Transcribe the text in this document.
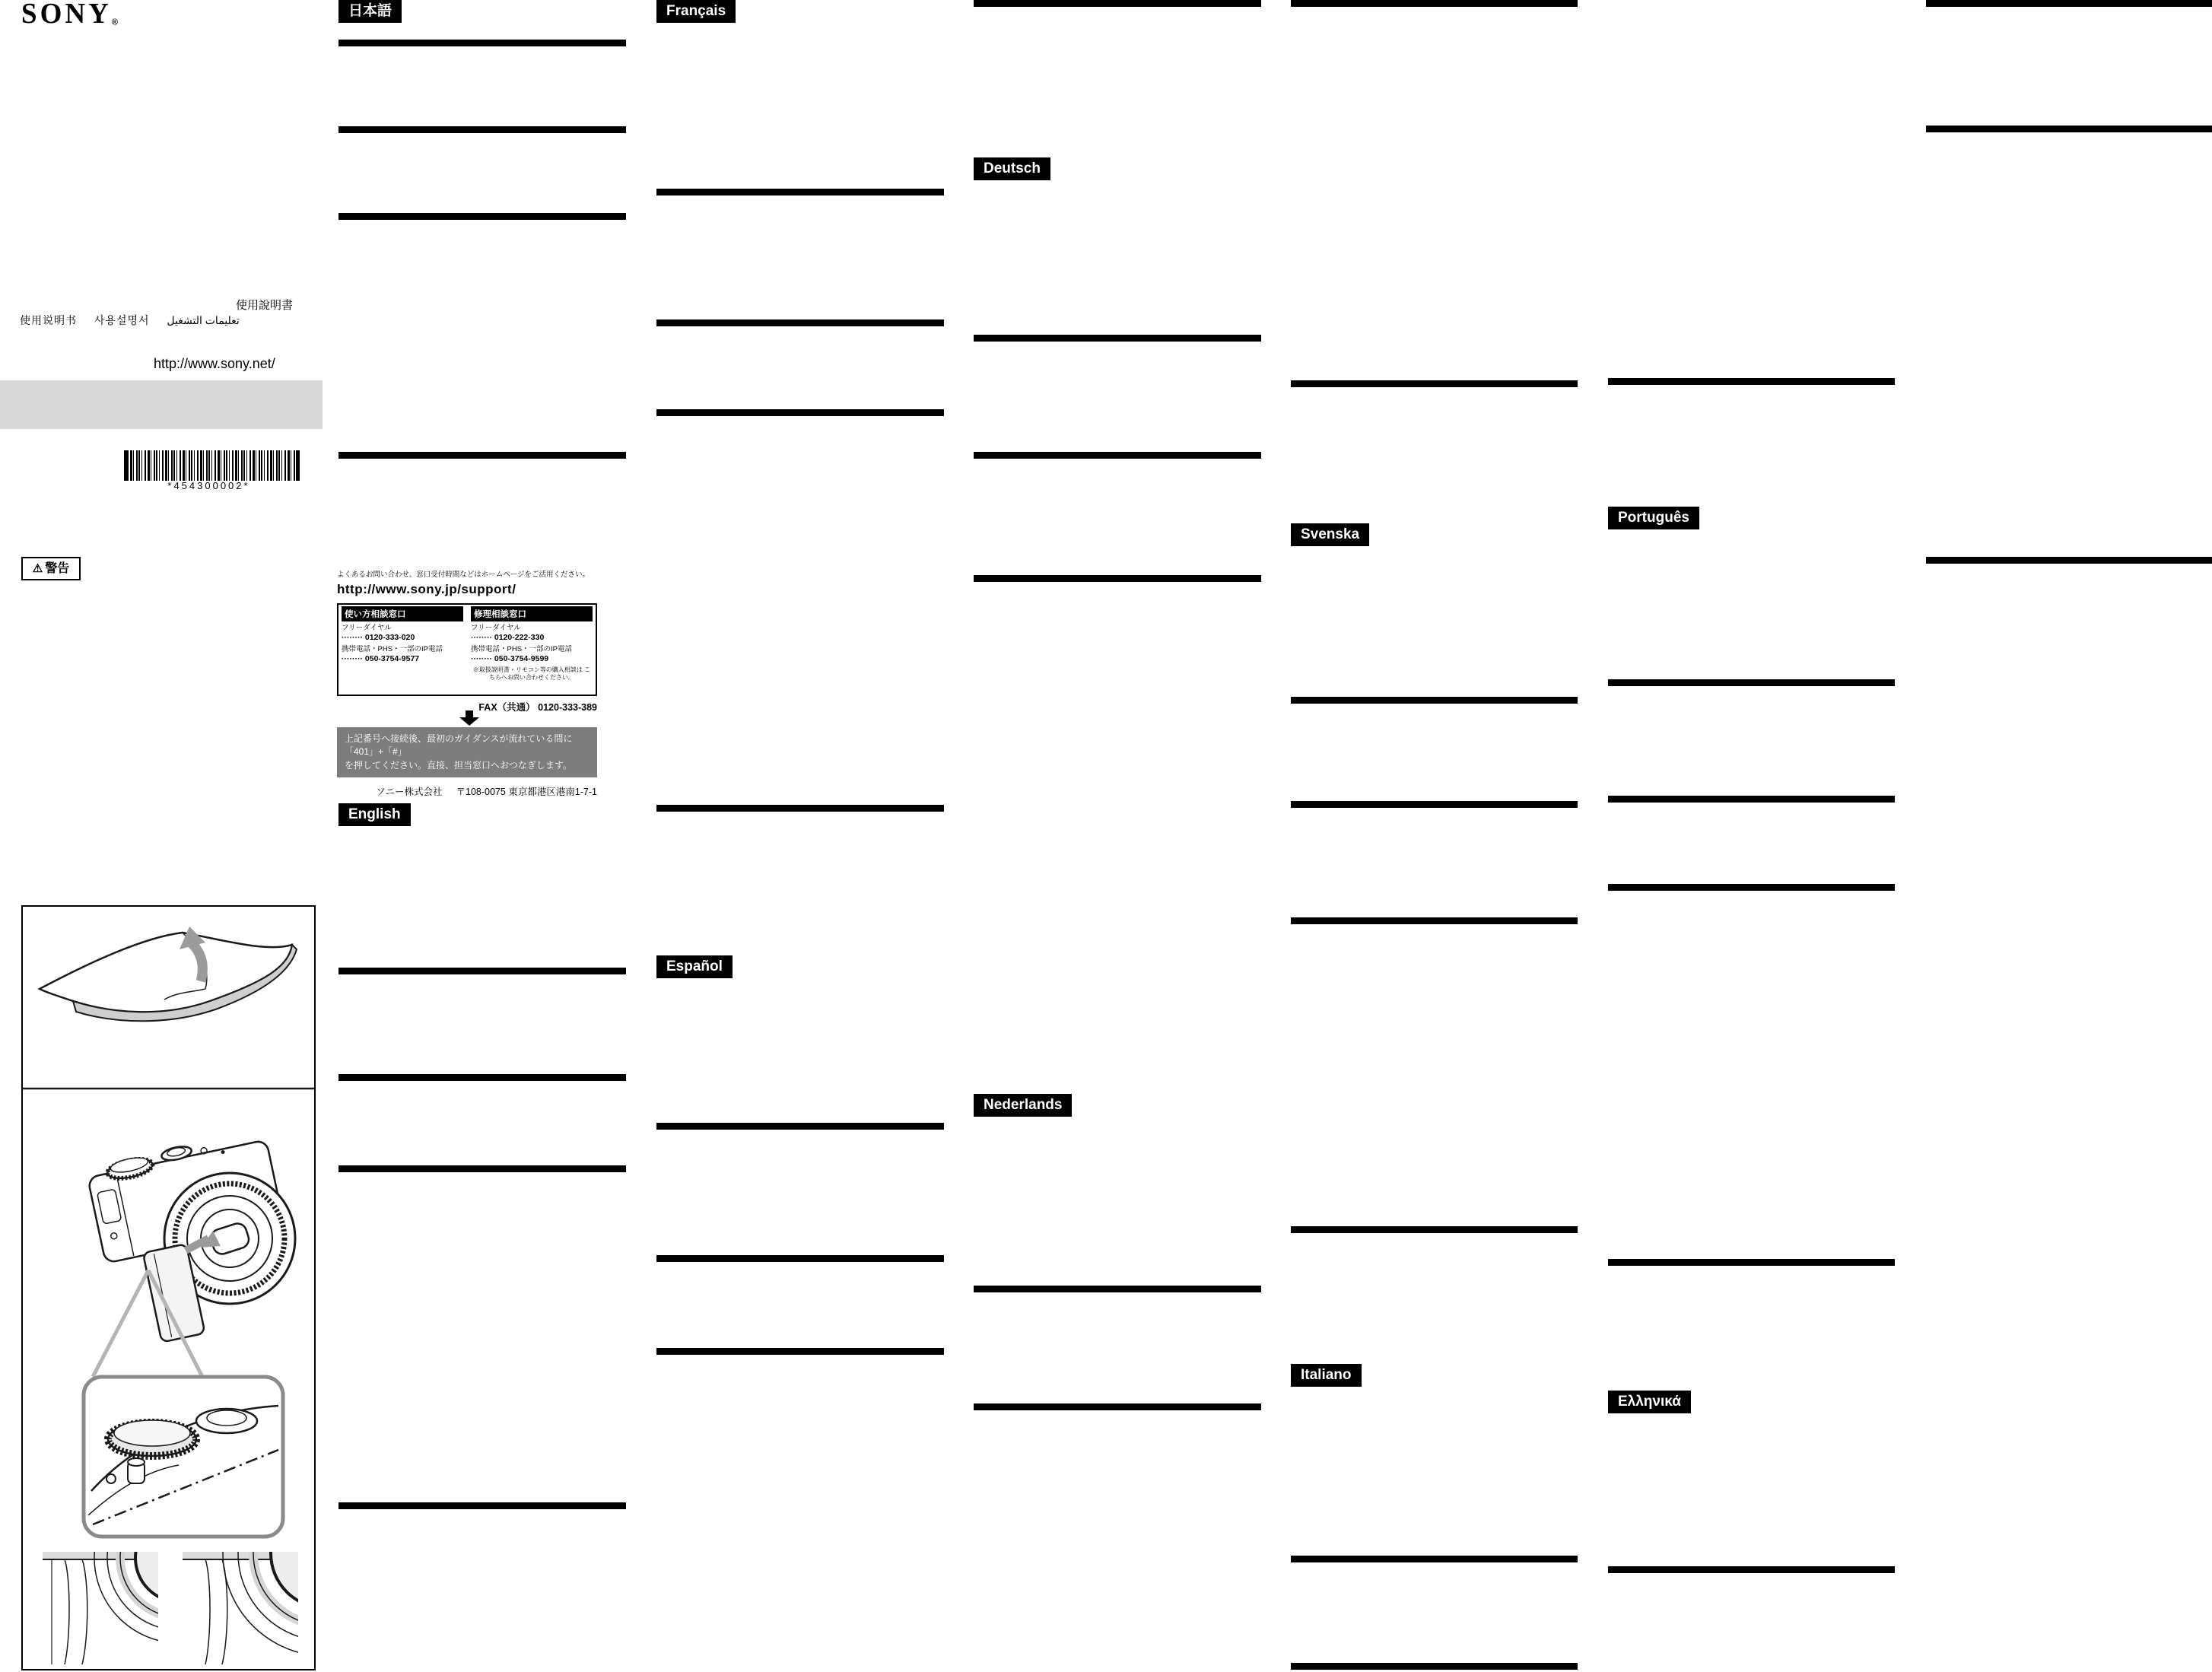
SONY®
使用說明書
使用说明书 사용설명서 تعليمات التشغيل
http://www.sony.net/
*454300002*
⚠ 警告	よくあるお問い合わせ、窓口受付時間などはホームページをご活用ください。
http://www.sony.jp/support/
使い方相談窓口
フリーダイヤル
········ 0120-333-020
携帯電話・PHS・一部のIP電話
········ 050-3754-9577
修理相談窓口
フリーダイヤル
········ 0120-222-330
携帯電話・PHS・一部のIP電話
········ 050-3754-9599
※取扱説明書・リモコン等の購入相談は こちらへお問い合わせください。
FAX（共通） 0120-333-389
上記番号へ接続後、最初のガイダンスが流れている間に
「401」+「#」
を押してください。直接、担当窓口へおつなぎします。
ソニー株式会社 〒108-0075 東京都港区港南1-7-1
日本語
English
Français
Español
Deutsch
Nederlands
Svenska
Italiano
Português
Ελληνικά
